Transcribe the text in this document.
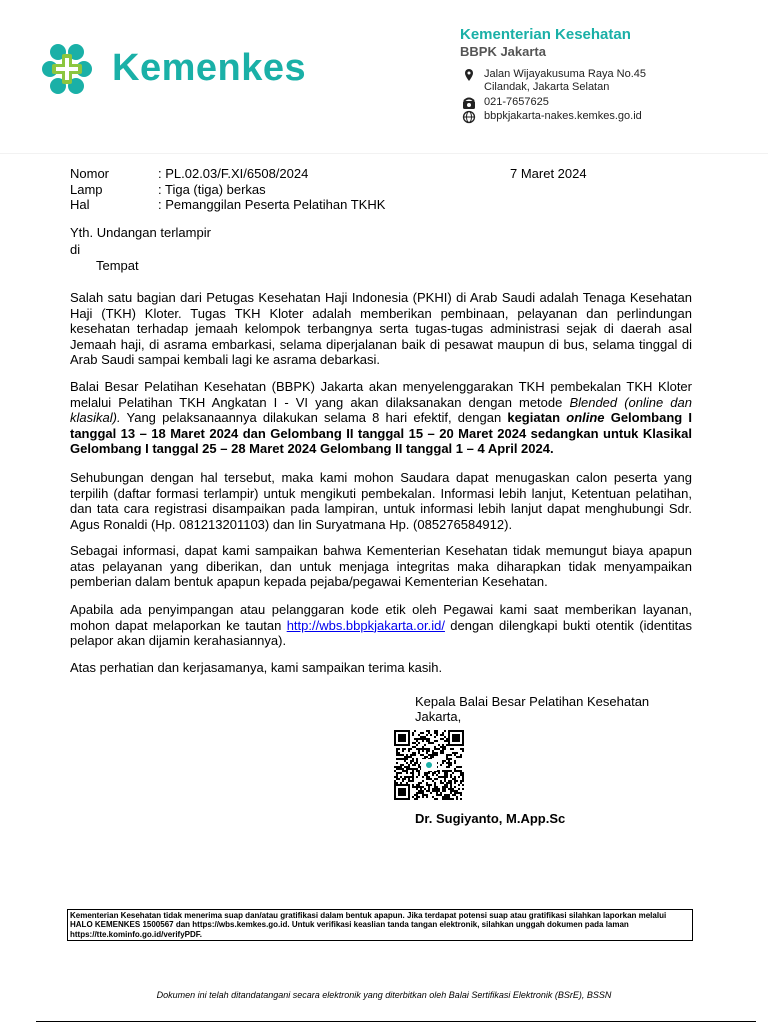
Kemenkes
Kementerian Kesehatan
BBPK Jakarta
Jalan Wijayakusuma Raya No.45
Cilandak, Jakarta Selatan
021-7657625
bbpkjakarta-nakes.kemkes.go.id
Nomor	: PL.02.03/F.XI/6508/2024	7 Maret 2024
Lamp	: Tiga (tiga) berkas
Hal	: Pemanggilan Peserta Pelatihan TKHK
Yth. Undangan terlampir
di
Tempat

Salah satu bagian dari Petugas Kesehatan Haji Indonesia (PKHI) di Arab Saudi adalah Tenaga Kesehatan Haji (TKH) Kloter. Tugas TKH Kloter adalah memberikan pembinaan, pelayanan dan perlindungan kesehatan terhadap jemaah kelompok terbangnya serta tugas-tugas administrasi sejak di daerah asal Jemaah haji, di asrama embarkasi, selama diperjalanan baik di pesawat maupun di bus, selama tinggal di Arab Saudi sampai kembali lagi ke asrama debarkasi.

Balai Besar Pelatihan Kesehatan (BBPK) Jakarta akan menyelenggarakan TKH pembekalan TKH Kloter melalui Pelatihan TKH Angkatan I - VI yang akan dilaksanakan dengan metode Blended (online dan klasikal). Yang pelaksanaannya dilakukan selama 8 hari efektif, dengan kegiatan online Gelombang I tanggal 13 – 18 Maret 2024 dan Gelombang II tanggal 15 – 20 Maret 2024 sedangkan untuk Klasikal Gelombang I tanggal 25 – 28 Maret 2024 Gelombang II tanggal 1 – 4 April 2024.

Sehubungan dengan hal tersebut, maka kami mohon Saudara dapat menugaskan calon peserta yang terpilih (daftar formasi terlampir) untuk mengikuti pembekalan. Informasi lebih lanjut, Ketentuan pelatihan, dan tata cara registrasi disampaikan pada lampiran, untuk informasi lebih lanjut dapat menghubungi Sdr. Agus Ronaldi (Hp. 081213201103) dan Iin Suryatmana Hp. (085276584912).

Sebagai informasi, dapat kami sampaikan bahwa Kementerian Kesehatan tidak memungut biaya apapun atas pelayanan yang diberikan, dan untuk menjaga integritas maka diharapkan tidak menyampaikan pemberian dalam bentuk apapun kepada pejaba/pegawai Kementerian Kesehatan.

Apabila ada penyimpangan atau pelanggaran kode etik oleh Pegawai kami saat memberikan layanan, mohon dapat melaporkan ke tautan http://wbs.bbpkjakarta.or.id/ dengan dilengkapi bukti otentik (identitas pelapor akan dijamin kerahasiannya).

Atas perhatian dan kerjasamanya, kami sampaikan terima kasih.

Kepala Balai Besar Pelatihan Kesehatan
Jakarta,
Dr. Sugiyanto, M.App.Sc
Kementerian Kesehatan tidak menerima suap dan/atau gratifikasi dalam bentuk apapun. Jika terdapat potensi suap atau gratifikasi silahkan laporkan melalui HALO KEMENKES 1500567 dan https://wbs.kemkes.go.id. Untuk verifikasi keaslian tanda tangan elektronik, silahkan unggah dokumen pada laman https://tte.kominfo.go.id/verifyPDF.
Dokumen ini telah ditandatangani secara elektronik yang diterbitkan oleh Balai Sertifikasi Elektronik (BSrE), BSSN
